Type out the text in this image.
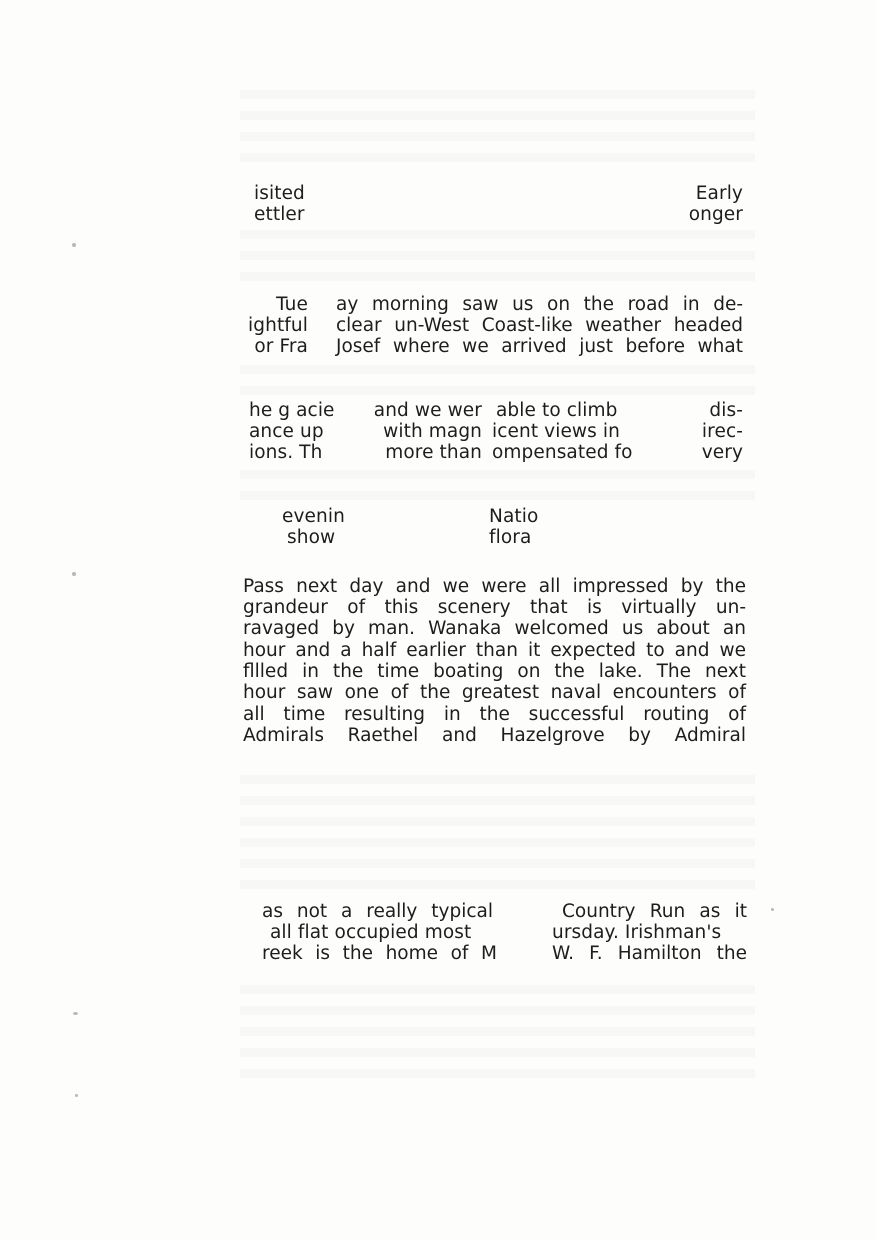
isited
ettler
Early
onger
Tue
ightful
or Fra
ay morning saw us on the road in de-
clear un-West Coast-like weather headed
Josef where we arrived just before what
he g acie
ance up
ions. Th
and we wer
with magn
more than
able to climb
icent views in
ompensated fo
dis-
irec-
very
evenin
show
Natio
flora
Pass next day and we were all impressed by the
grandeur of this scenery that is virtually un-
ravaged by man. Wanaka welcomed us about an
hour and a half earlier than it expected to and we
fllled in the time boating on the lake. The next
hour saw one of the greatest naval encounters of
all time resulting in the successful routing of
Admirals Raethel and Hazelgrove by Admiral
as not a really typical
all flat occupied most
reek is the home of M
Country Run as it
ursday. Irishman's
W. F. Hamilton the
